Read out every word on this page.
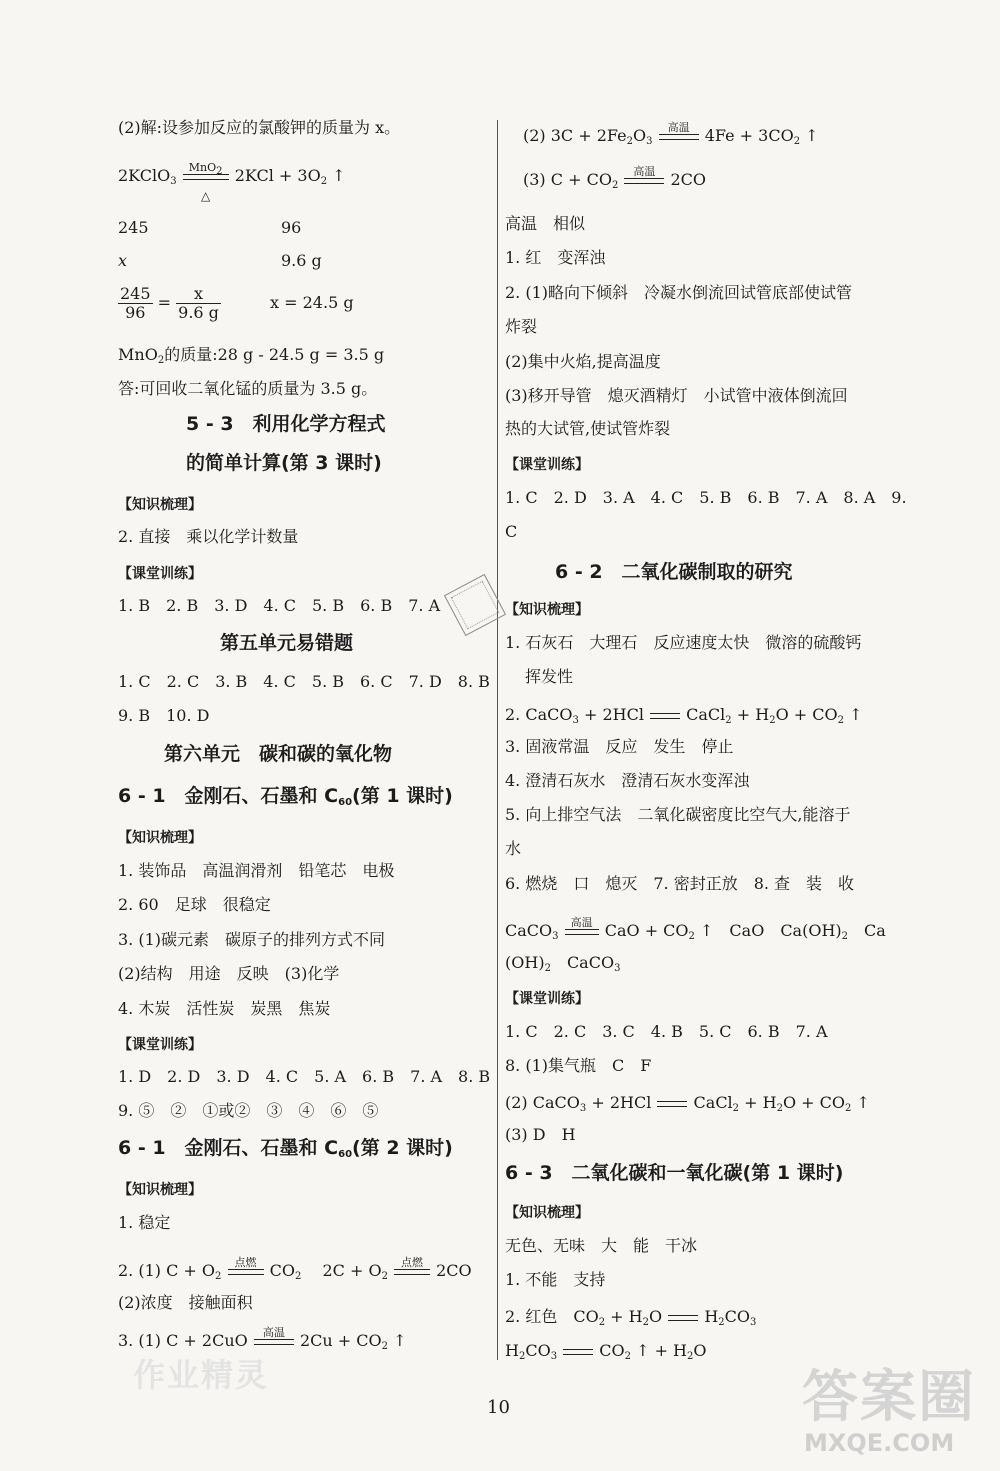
(2)解:设参加反应的氯酸钾的质量为 x。
2KClO$_3$
MnO$_2$
△
$2KCl + 3O_2$ ↑
245	96
x	9.6 g
$\frac{245}{96} = \frac{x}{9.6 g}$	x = 24.5 g
MnO$_2$的质量:28 g - 24.5 g = 3.5 g
答:可回收二氧化锰的质量为 3.5 g。
5 - 3　利用化学方程式
的简单计算(第 3 课时)
【知识梳理】
2. 直接　乘以化学计数量
【课堂训练】
1. B　2. B　3. D　4. C　5. B　6. B　7. A
第五单元易错题
1. C　2. C　3. B　4. C　5. B　6. C　7. D　8. B
9. B　10. D
第六单元　碳和碳的氧化物
6 - 1　金刚石、石墨和 $C_{60}$(第 1 课时)
【知识梳理】
1. 装饰品　高温润滑剂　铅笔芯　电极
2. 60　足球　很稳定
3. (1)碳元素　碳原子的排列方式不同
(2)结构　用途　反映　(3)化学
4. 木炭　活性炭　炭黑　焦炭
【课堂训练】
1. D　2. D　3. D　4. C　5. A　6. B　7. A　8. B
9. ⑤　②　①或②　③　④　⑥　⑤
6 - 1　金刚石、石墨和 $C_{60}$(第 2 课时)
【知识梳理】
1. 稳定
2. (1) $C + O_2$
点燃 $CO_2$ 　$2C + O_2$
点燃 2CO
(2)浓度　接触面积
3. (1) C + 2CuO	高温 $2Cu + CO_2$ ↑
(2) $3C + 2Fe_2O_3$
高温 $4Fe + 3CO_2$ ↑
(3) $C + CO_2$
高温 2CO
高温　相似
1. 红　变浑浊
2. (1)略向下倾斜　冷凝水倒流回试管底部使试管
炸裂
(2)集中火焰,提高温度
(3)移开导管　熄灭酒精灯　小试管中液体倒流回
热的大试管,使试管炸裂
【课堂训练】
1. C　2. D　3. A　4. C　5. B　6. B　7. A　8. A　9.
C
6 - 2　二氧化碳制取的研究
【知识梳理】
1. 石灰石　大理石　反应速度太快　微溶的硫酸钙
挥发性
2. CaCO$_3$ + 2HCl
	CaCl$_2$ + $H_2O + CO_2$ ↑
3. 固液常温　反应　发生　停止
4. 澄清石灰水　澄清石灰水变浑浊
5. 向上排空气法　二氧化碳密度比空气大,能溶于
水
6. 燃烧　口　熄灭　7. 密封正放　8. 查　装　收
CaCO$_3$
高温 CaO + $CO_2$ ↑　CaO　$Ca(OH)_2$　Ca
$(OH)_2$　CaCO$_3$
【课堂训练】
1. C　2. C　3. C　4. B　5. C　6. B　7. A
8. (1)集气瓶　C　F
(2) CaCO$_3$ + 2HCl
	CaCl$_2$ + $H_2O + CO_2$ ↑
(3) D　H
6 - 3　二氧化碳和一氧化碳(第 1 课时)
【知识梳理】
无色、无味　大　能　干冰
1. 不能　支持
2. 红色　$CO_2 + H_2O$
	$H_2CO_3$
$H_2CO_3$
	$CO_2$ ↑ + $H_2O$
作业精灵
10	答案圈
MXQE.COM
